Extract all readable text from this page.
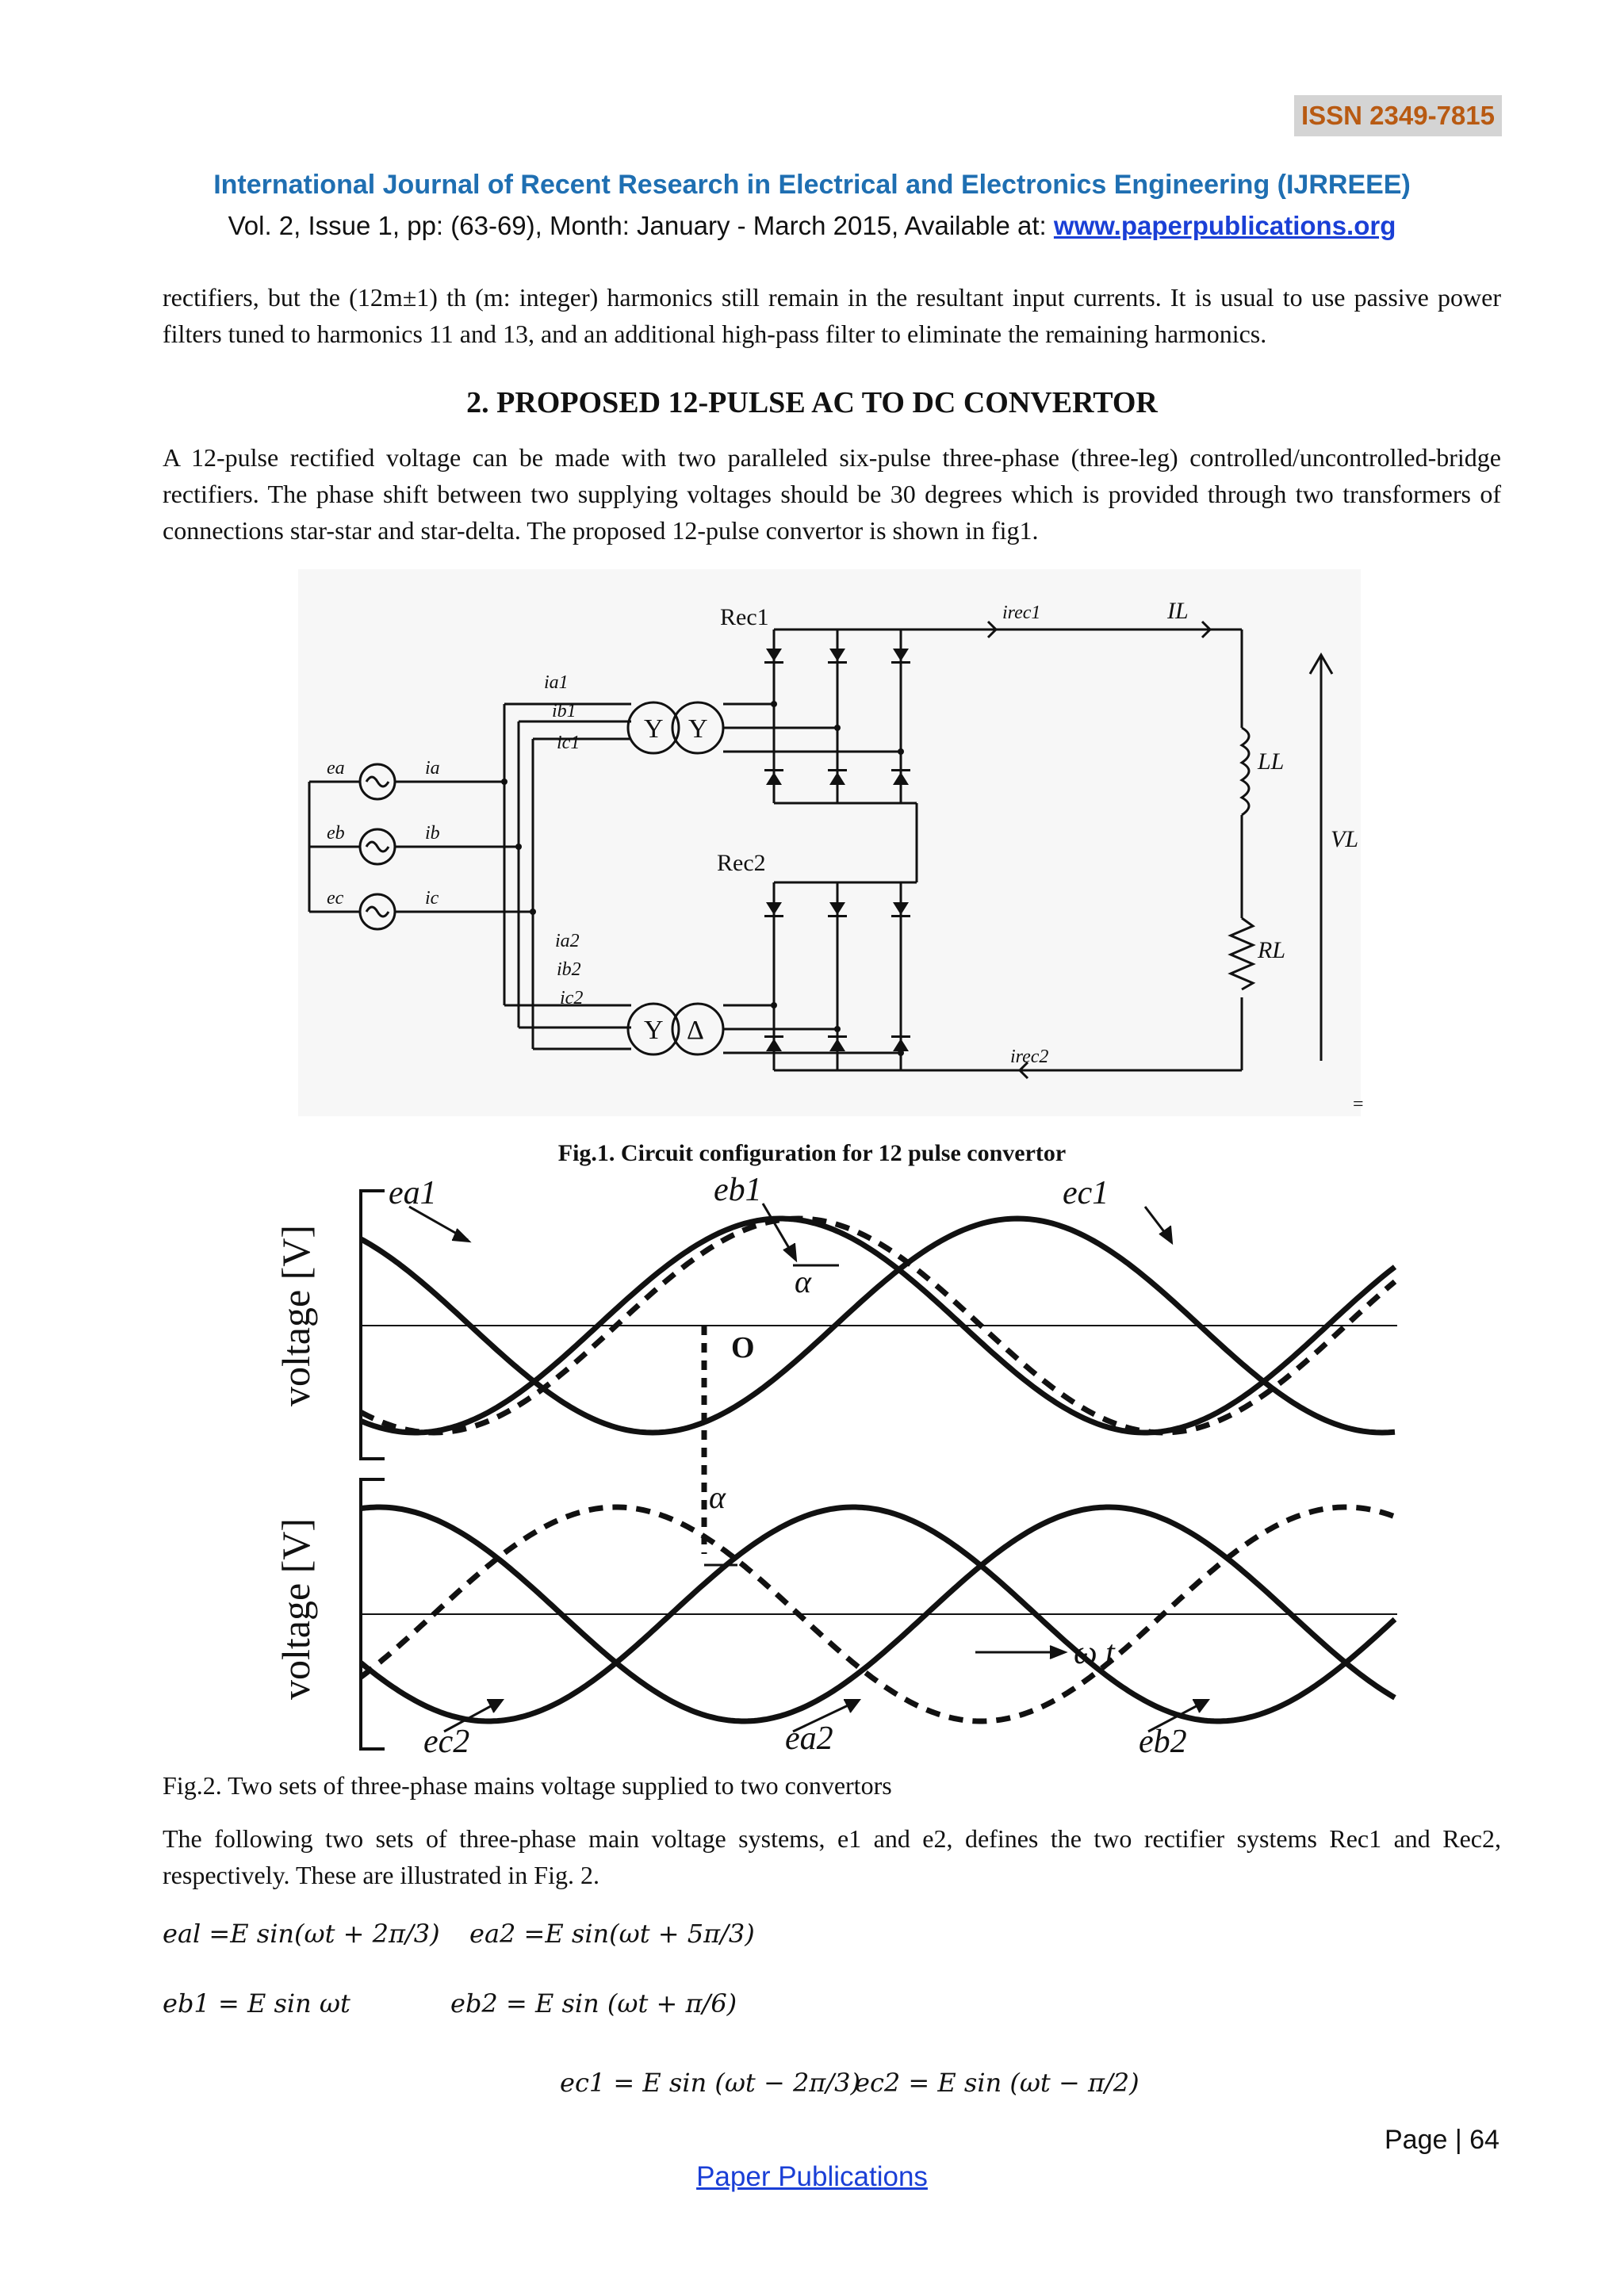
ISSN 2349-7815
International Journal of Recent Research in Electrical and Electronics Engineering (IJRREEE)
Vol. 2, Issue 1, pp: (63-69), Month: January - March 2015, Available at: www.paperpublications.org
rectifiers, but the (12m±1) th (m: integer) harmonics still remain in the resultant input currents. It is usual to use passive power filters tuned to harmonics 11 and 13, and an additional high-pass filter to eliminate the remaining harmonics.
2. PROPOSED 12-PULSE AC TO DC CONVERTOR
A 12-pulse rectified voltage can be made with two paralleled six-pulse three-phase (three-leg) controlled/uncontrolled-bridge rectifiers. The phase shift between two supplying voltages should be 30 degrees which is provided through two transformers of connections star-star and star-delta. The proposed 12-pulse convertor is shown in fig1.
Rec1
Rec2
irec1	IL
irec2
LL
RL
VL
ea
eb
ec
ia
ib
ic
ia1
ib1
ic1
ia2
ib2
ic2
Y Y
Y Δ
=
Fig.1. Circuit configuration for 12 pulse convertor
voltage [V]
voltage [V]
ea1	eb1	ec1
α
O
α
ω t
ec2	ea2	eb2
Fig.2. Two sets of three-phase mains voltage supplied to two convertors
The following two sets of three-phase main voltage systems, e1 and e2, defines the two rectifier systems Rec1 and Rec2, respectively. These are illustrated in Fig. 2.
eal =E sin(ωt + 2π/3) ea2 =E sin(ωt + 5π/3)
eb1 = E sin ωt	eb2 = E sin (ωt + π/6)
ec1 = E sin (ωt − 2π/3)
ec2 = E sin (ωt − π/2)
Page | 64
Paper Publications
